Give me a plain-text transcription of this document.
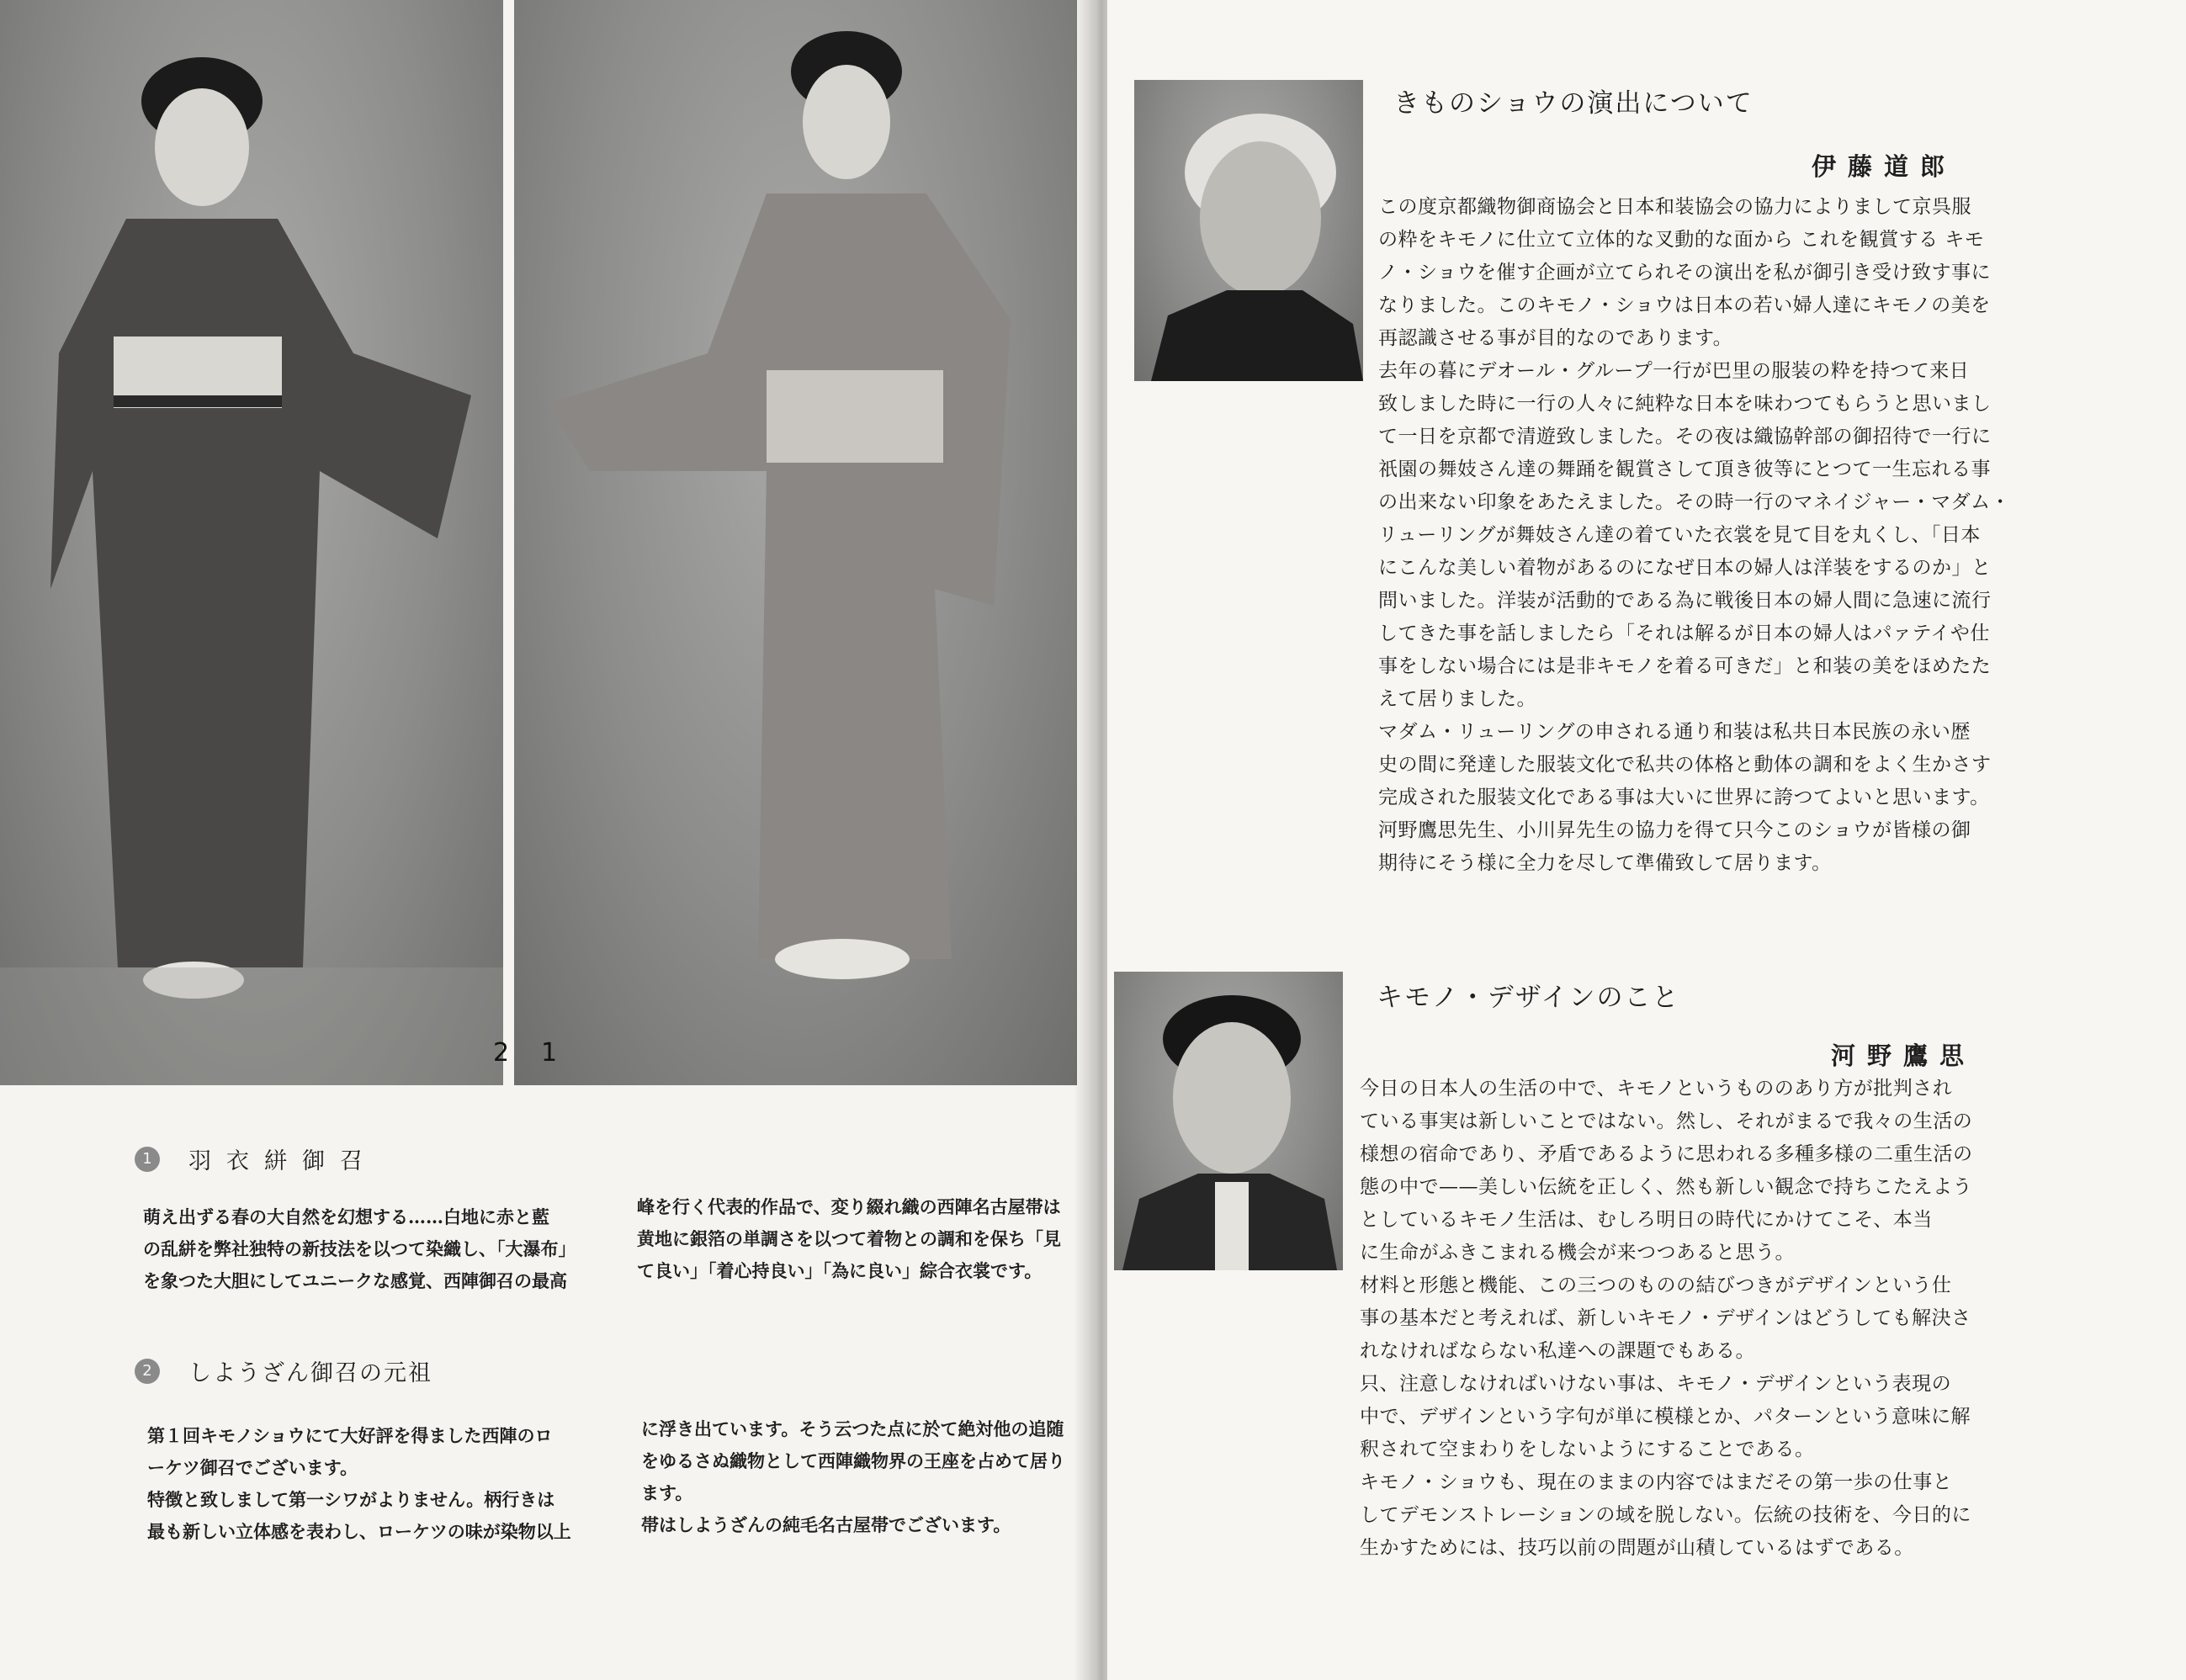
2 1
1	羽衣絣御召
萌え出ずる春の大自然を幻想する……白地に赤と藍
の乱絣を弊社独特の新技法を以つて染織し、「大瀑布」
を象つた大胆にしてユニークな感覚、西陣御召の最高
峰を行く代表的作品で、変り綴れ織の西陣名古屋帯は
黄地に銀箔の単調さを以つて着物との調和を保ち「見
て良い」「着心持良い」「為に良い」綜合衣裳です。
2	しようざん御召の元祖
第１回キモノショウにて大好評を得ました西陣のロ
ーケツ御召でございます。
特徴と致しまして第一シワがよりません。柄行きは
最も新しい立体感を表わし、ローケツの味が染物以上
に浮き出ています。そう云つた点に於て絶対他の追随
をゆるさぬ織物として西陣織物界の王座を占めて居り
ます。
帯はしようざんの純毛名古屋帯でございます。
きものショウの演出について
伊藤道郎
この度京都織物御商協会と日本和装協会の協力によりまして京呉服
の粋をキモノに仕立て立体的な叉動的な面から これを観賞する キモ
ノ・ショウを催す企画が立てられその演出を私が御引き受け致す事に
なりました。このキモノ・ショウは日本の若い婦人達にキモノの美を
再認識させる事が目的なのであります。
去年の暮にデオール・グループ一行が巴里の服装の粋を持つて来日
致しました時に一行の人々に純粋な日本を味わつてもらうと思いまし
て一日を京都で清遊致しました。その夜は織協幹部の御招待で一行に
祇園の舞妓さん達の舞踊を観賞さして頂き彼等にとつて一生忘れる事
の出来ない印象をあたえました。その時一行のマネイジャー・マダム・
リューリングが舞妓さん達の着ていた衣裳を見て目を丸くし、「日本
にこんな美しい着物があるのになぜ日本の婦人は洋装をするのか」と
問いました。洋装が活動的である為に戦後日本の婦人間に急速に流行
してきた事を話しましたら「それは解るが日本の婦人はパァテイや仕
事をしない場合には是非キモノを着る可きだ」と和装の美をほめたた
えて居りました。
マダム・リューリングの申される通り和装は私共日本民族の永い歴
史の間に発達した服装文化で私共の体格と動体の調和をよく生かさす
完成された服装文化である事は大いに世界に誇つてよいと思います。
河野鷹思先生、小川昇先生の協力を得て只今このショウが皆様の御
期待にそう様に全力を尽して準備致して居ります。
キモノ・デザインのこと
河野鷹思
今日の日本人の生活の中で、キモノというもののあり方が批判され
ている事実は新しいことではない。然し、それがまるで我々の生活の
様想の宿命であり、矛盾であるように思われる多種多様の二重生活の
態の中で——美しい伝統を正しく、然も新しい観念で持ちこたえよう
としているキモノ生活は、むしろ明日の時代にかけてこそ、本当
に生命がふきこまれる機会が来つつあると思う。
材料と形態と機能、この三つのものの結びつきがデザインという仕
事の基本だと考えれば、新しいキモノ・デザインはどうしても解決さ
れなければならない私達への課題でもある。
只、注意しなければいけない事は、キモノ・デザインという表現の
中で、デザインという字句が単に模様とか、パターンという意味に解
釈されて空まわりをしないようにすることである。
キモノ・ショウも、現在のままの内容ではまだその第一歩の仕事と
してデモンストレーションの域を脱しない。伝統の技術を、今日的に
生かすためには、技巧以前の問題が山積しているはずである。
